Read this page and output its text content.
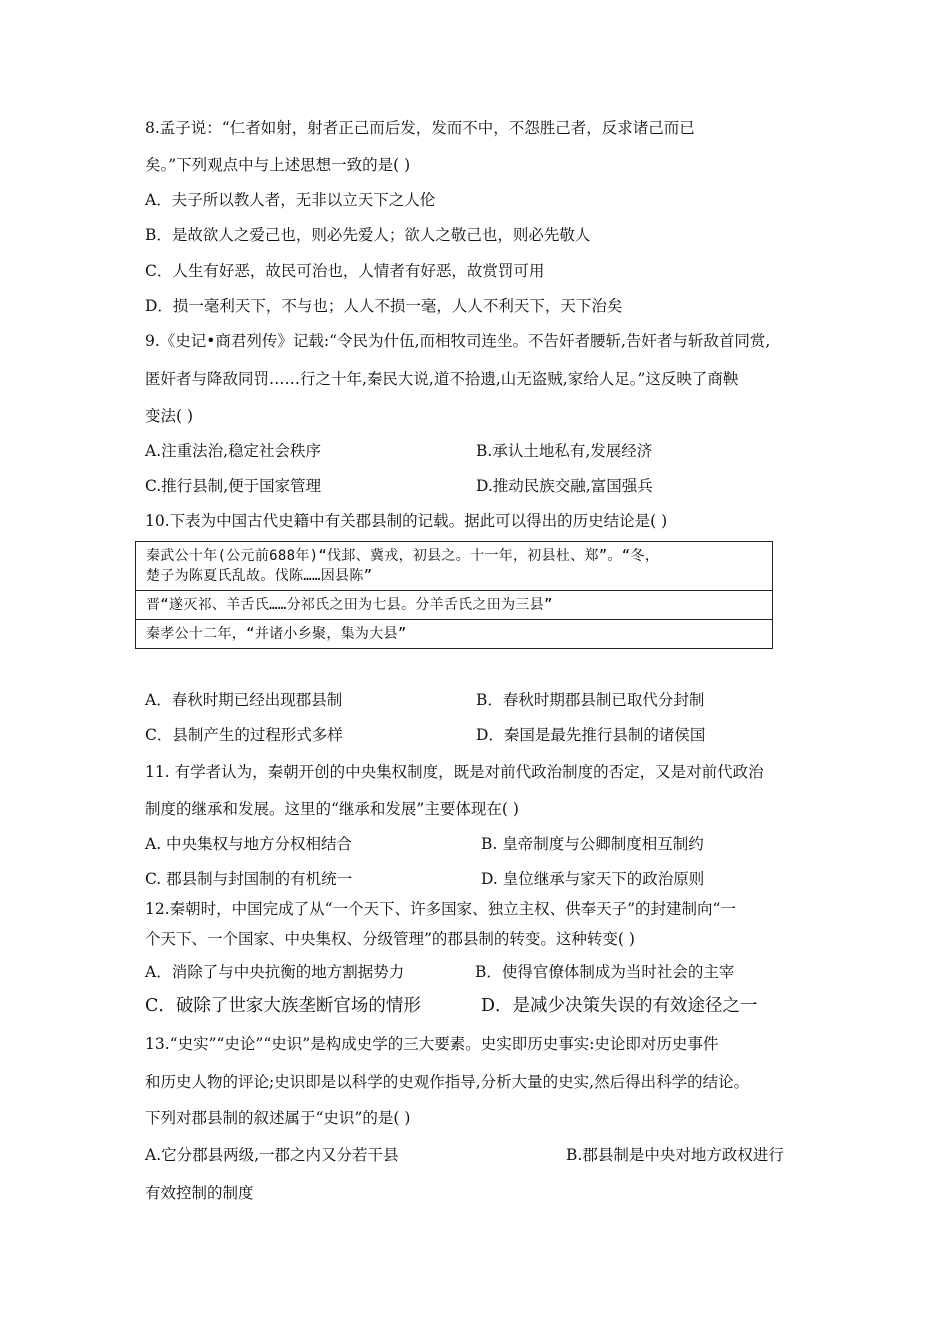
8.孟子说：“仁者如射，射者正己而后发，发而不中，不怨胜己者，反求诸己而已
矣。”下列观点中与上述思想一致的是( )
A．夫子所以教人者，无非以立天下之人伦
B．是故欲人之爱己也，则必先爱人；欲人之敬己也，则必先敬人
C．人生有好恶，故民可治也，人情者有好恶，故赏罚可用
D．损一毫利天下，不与也；人人不损一毫，人人不利天下，天下治矣
9.《史记•商君列传》记载:“令民为什伍,而相牧司连坐。不告奸者腰斩,告奸者与斩敌首同赏,
匿奸者与降敌同罚……行之十年,秦民大说,道不拾遗,山无盗贼,家给人足。”这反映了商鞅
变法( )
A.注重法治,稳定社会秩序	B.承认土地私有,发展经济
C.推行县制,便于国家管理	D.推动民族交融,富国强兵
10.下表为中国古代史籍中有关郡县制的记载。据此可以得出的历史结论是( )
秦武公十年(公元前688年)“伐邽、冀戎，初县之。十一年，初县杜、郑”。“冬，
楚子为陈夏氏乱故。伐陈……因县陈”
晋“遂灭祁、羊舌氏……分祁氏之田为七县。分羊舌氏之田为三县”
秦孝公十二年，“并诸小乡聚，集为大县”
A．春秋时期已经出现郡县制	B．春秋时期郡县制已取代分封制
C．县制产生的过程形式多样	D．秦国是最先推行县制的诸侯国
11. 有学者认为，秦朝开创的中央集权制度，既是对前代政治制度的否定，又是对前代政治
制度的继承和发展。这里的“继承和发展”主要体现在( )
A. 中央集权与地方分权相结合	B. 皇帝制度与公卿制度相互制约
C. 郡县制与封国制的有机统一	D. 皇位继承与家天下的政治原则
12.秦朝时，中国完成了从“一个天下、许多国家、独立主权、供奉天子”的封建制向“一
个天下、一个国家、中央集权、分级管理”的郡县制的转变。这种转变( )
A．消除了与中央抗衡的地方割据势力	B．使得官僚体制成为当时社会的主宰
C．破除了世家大族垄断官场的情形	D．是减少决策失误的有效途径之一
13.“史实”“史论”“史识”是构成史学的三大要素。史实即历史事实:史论即对历史事件
和历史人物的评论;史识即是以科学的史观作指导,分析大量的史实,然后得出科学的结论。
下列对郡县制的叙述属于“史识”的是( )
A.它分郡县两级,一郡之内又分若干县	B.郡县制是中央对地方政权进行
有效控制的制度
